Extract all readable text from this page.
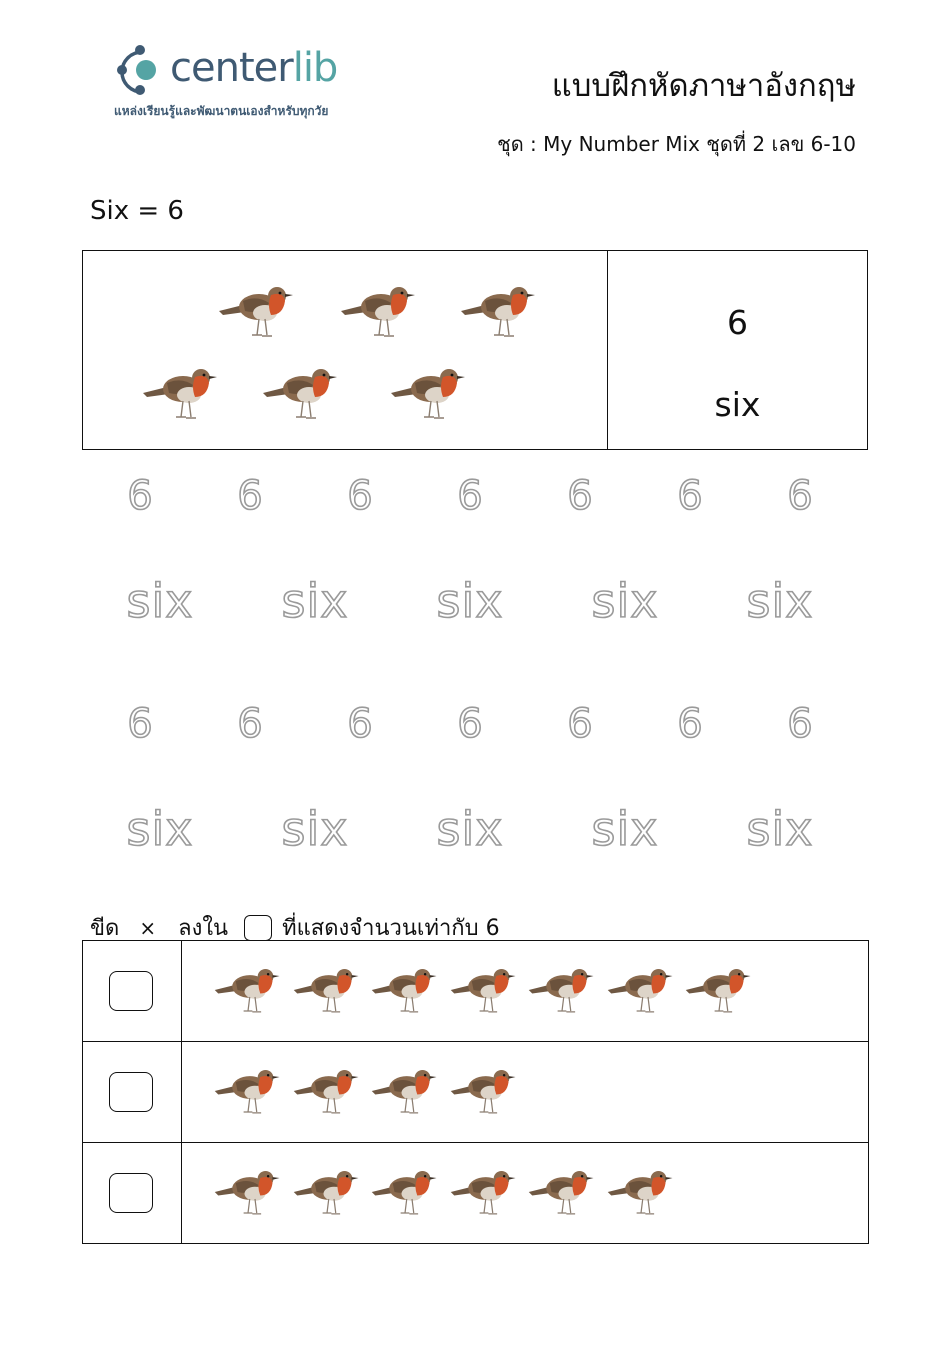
centerlib
แหล่งเรียนรู้และพัฒนาตนเองสำหรับทุกวัย
แบบฝึกหัดภาษาอังกฤษ
ชุด : My Number Mix ชุดที่ 2 เลข 6-10
Six = 6
6
six
6	6	6	6	6	6	6
six	six	six	six	six
6	6	6	6	6	6	6
six	six	six	six	six
ขีด × ลงใน ที่แสดงจำนวนเท่ากับ 6
